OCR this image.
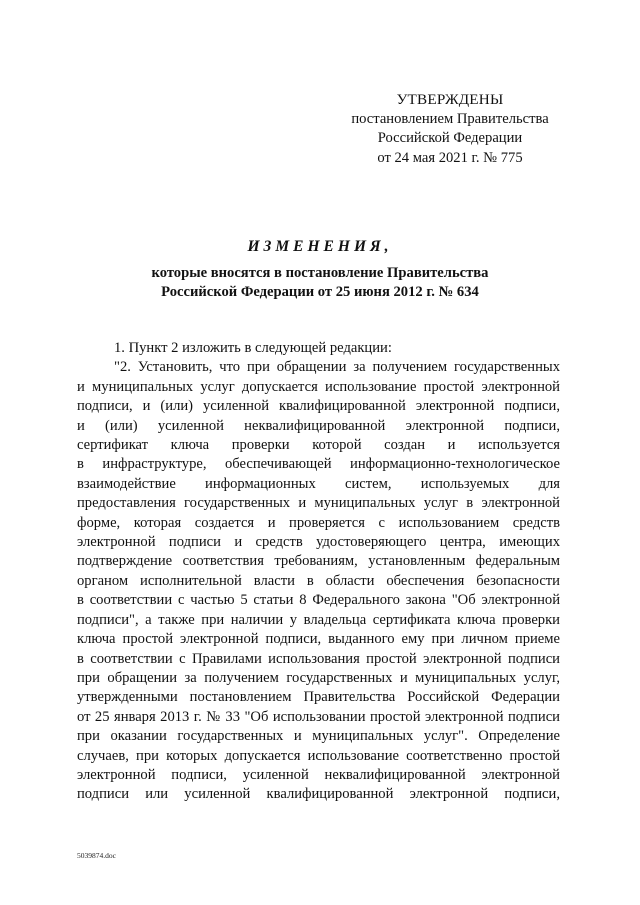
УТВЕРЖДЕНЫ
постановлением Правительства
Российской Федерации
от 24 мая 2021 г. № 775
ИЗМЕНЕНИЯ,
которые вносятся в постановление Правительства
Российской Федерации от 25 июня 2012 г. № 634

1. Пункт 2 изложить в следующей редакции:

"2. Установить, что при обращении за получением государственных

и муниципальных услуг допускается использование простой электронной

подписи, и (или) усиленной квалифицированной электронной подписи,

и (или) усиленной неквалифицированной электронной подписи,

сертификат ключа проверки которой создан и используется

в инфраструктуре, обеспечивающей информационно-технологическое

взаимодействие информационных систем, используемых для

предоставления государственных и муниципальных услуг в электронной

форме, которая создается и проверяется с использованием средств

электронной подписи и средств удостоверяющего центра, имеющих

подтверждение соответствия требованиям, установленным федеральным

органом исполнительной власти в области обеспечения безопасности

в соответствии с частью 5 статьи 8 Федерального закона "Об электронной

подписи", а также при наличии у владельца сертификата ключа проверки

ключа простой электронной подписи, выданного ему при личном приеме

в соответствии с Правилами использования простой электронной подписи

при обращении за получением государственных и муниципальных услуг,

утвержденными постановлением Правительства Российской Федерации

от 25 января 2013 г. № 33 "Об использовании простой электронной подписи

при оказании государственных и муниципальных услуг". Определение

случаев, при которых допускается использование соответственно простой

электронной подписи, усиленной неквалифицированной электронной

подписи или усиленной квалифицированной электронной подписи,

5039874.doc
